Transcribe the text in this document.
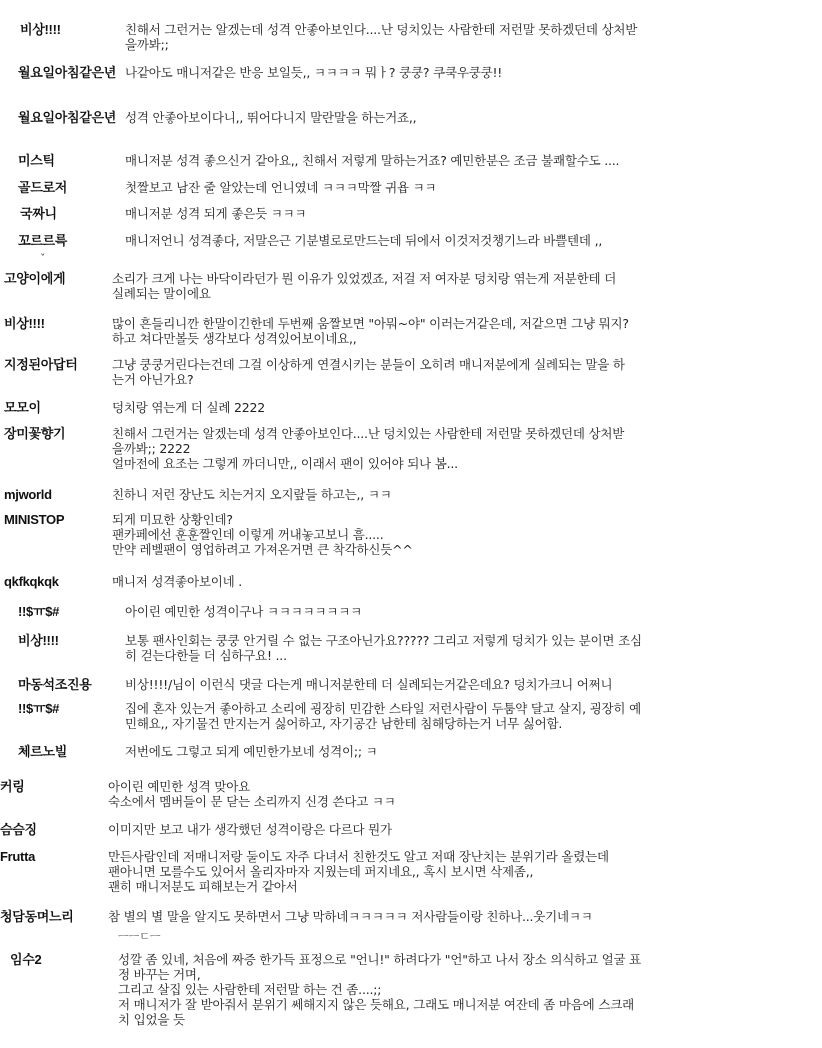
비상!!!!	친해서 그런거는 알겠는데 성격 안좋아보인다....난 덩치있는 사람한테 저런말 못하겠던데 상처받
을까봐;;
월요일아침같은년 나같아도 매니저같은 반응 보일듯,, ㅋㅋㅋㅋ 뭐ㅏ? 쿵쿵? 쿠쿡우쿵쿵!!
월요일아침같은년 성격 안좋아보이다니,, 뛰어다니지 말란말을 하는거죠,,
미스틱	매니저분 성격 좋으신거 같아요,, 친해서 저렇게 말하는거죠? 예민한분은 조금 불쾌할수도 ....
골드로저	첫짤보고 남잔 줄 알았는데 언니였네 ㅋㅋㅋ막짤 귀욥 ㅋㅋ
국짜니	매니저분 성격 되게 좋은듯 ㅋㅋㅋ
꼬르르륵	매니저언니 성격좋다, 저말은근 기분별로로만드는데 뒤에서 이것저것챙기느라 바쁠텐데 ,,
ˇ
고양이에게	소리가 크게 나는 바닥이라던가 뭔 이유가 있었겠죠, 저걸 저 여자분 덩치랑 엮는게 저분한테 더
실례되는 말이에요
비상!!!!	많이 흔들리니깐 한말이긴한데 두번째 움짤보면 "아뭐~야" 이러는거같은데, 저같으면 그냥 뭐지?
하고 쳐다만볼듯 생각보다 성격있어보이네요,,
지정된아답터	그냥 쿵쿵거린다는건데 그걸 이상하게 연결시키는 분들이 오히려 매니저분에게 실례되는 말을 하
는거 아닌가요?
모모이	덩치랑 엮는게 더 실례 2222
장미꽃향기	친해서 그런거는 알겠는데 성격 안좋아보인다....난 덩치있는 사람한테 저런말 못하겠던데 상처받
을까봐;; 2222
얼마전에 요조는 그렇게 까더니만,, 이래서 팬이 있어야 되나 봄...
mjworld	친하니 저런 장난도 치는거지 오지랖들 하고는,, ㅋㅋ
MINISTOP	되게 미묘한 상황인데?
팬카페에선 훈훈짤인데 이렇게 꺼내놓고보니 흠.....
만약 레벨팬이 영업하려고 가져온거면 큰 착각하신듯^^
qkfkqkqk	매니저 성격좋아보이네 .
!!$ㅠ$#	아이린 예민한 성격이구나 ㅋㅋㅋㅋㅋㅋㅋㅋ
비상!!!!	보통 팬사인회는 쿵쿵 안거릴 수 없는 구조아닌가요????? 그리고 저렇게 덩치가 있는 분이면 조심
히 걷는다한들 더 심하구요! ...
마동석조진용	비상!!!!/님이 이런식 댓글 다는게 매니저분한테 더 실례되는거같은데요? 덩치가크니 어쩌니
!!$ㅠ$#	집에 혼자 있는거 좋아하고 소리에 굉장히 민감한 스타일 저런사람이 두툼약 달고 살지, 굉장히 예
민해요,, 자기물건 만지는거 싫어하고, 자기공간 남한테 침해당하는거 너무 싫어함.
체르노빌	저번에도 그렇고 되게 예민한가보네 성격이;; ㅋ
커링	아이린 예민한 성격 맞아요
숙소에서 멤버들이 문 닫는 소리까지 신경 쓴다고 ㅋㅋ
슴슴징	이미지만 보고 내가 생각했던 성격이랑은 다르다 뭔가
Frutta	만든사람인데 저매니저랑 둘이도 자주 다녀서 친한것도 알고 저때 장난치는 분위기라 올렸는데
팬아니면 모를수도 있어서 올리자마자 지웠는데 퍼지네요,, 혹시 보시면 삭제좀,,
괜히 매니저분도 피해보는거 같아서
청담동며느리	참 별의 별 말을 알지도 못하면서 그냥 막하네ㅋㅋㅋㅋㅋ 저사람들이랑 친하나...웃기네ㅋㅋ
ㅡㅡㄷㅡ
임수2	성깔 좀 있네, 처음에 짜증 한가득 표정으로 "언니!" 하려다가 "언"하고 나서 장소 의식하고 얼굴 표
정 바꾸는 거며,
그리고 살집 있는 사람한테 저런말 하는 건 좀....;;
저 매니저가 잘 받아줘서 분위기 쎄해지지 않은 듯해요, 그래도 매니저분 여잔데 좀 마음에 스크래
치 입었을 듯
